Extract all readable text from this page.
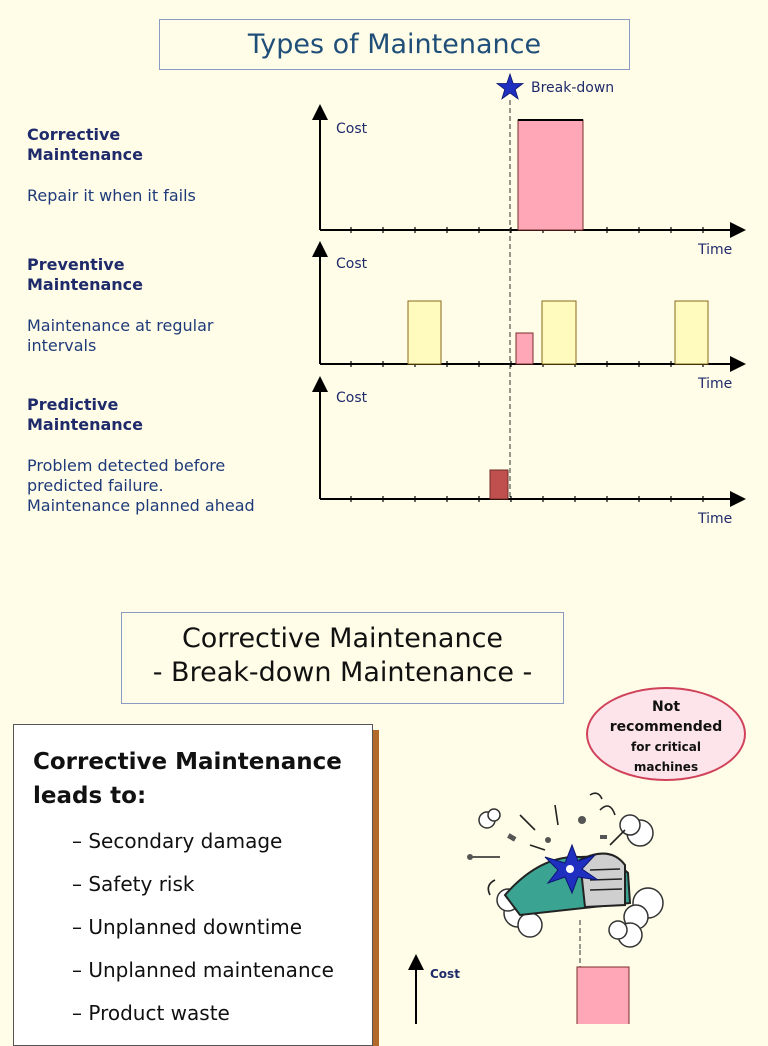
Types of Maintenance
Corrective
Maintenance
Repair it when it fails
Preventive
Maintenance
Maintenance at regular
intervals
Predictive
Maintenance
Problem detected before
predicted failure.
Maintenance planned ahead
Break-down
Cost
Time
Cost
Time
Cost
Time
Corrective Maintenance
- Break-down Maintenance -
Corrective Maintenance
leads to:
– Secondary damage
– Safety risk
– Unplanned downtime
– Unplanned maintenance
– Product waste
Not
recommended
for critical
machines
Cost
